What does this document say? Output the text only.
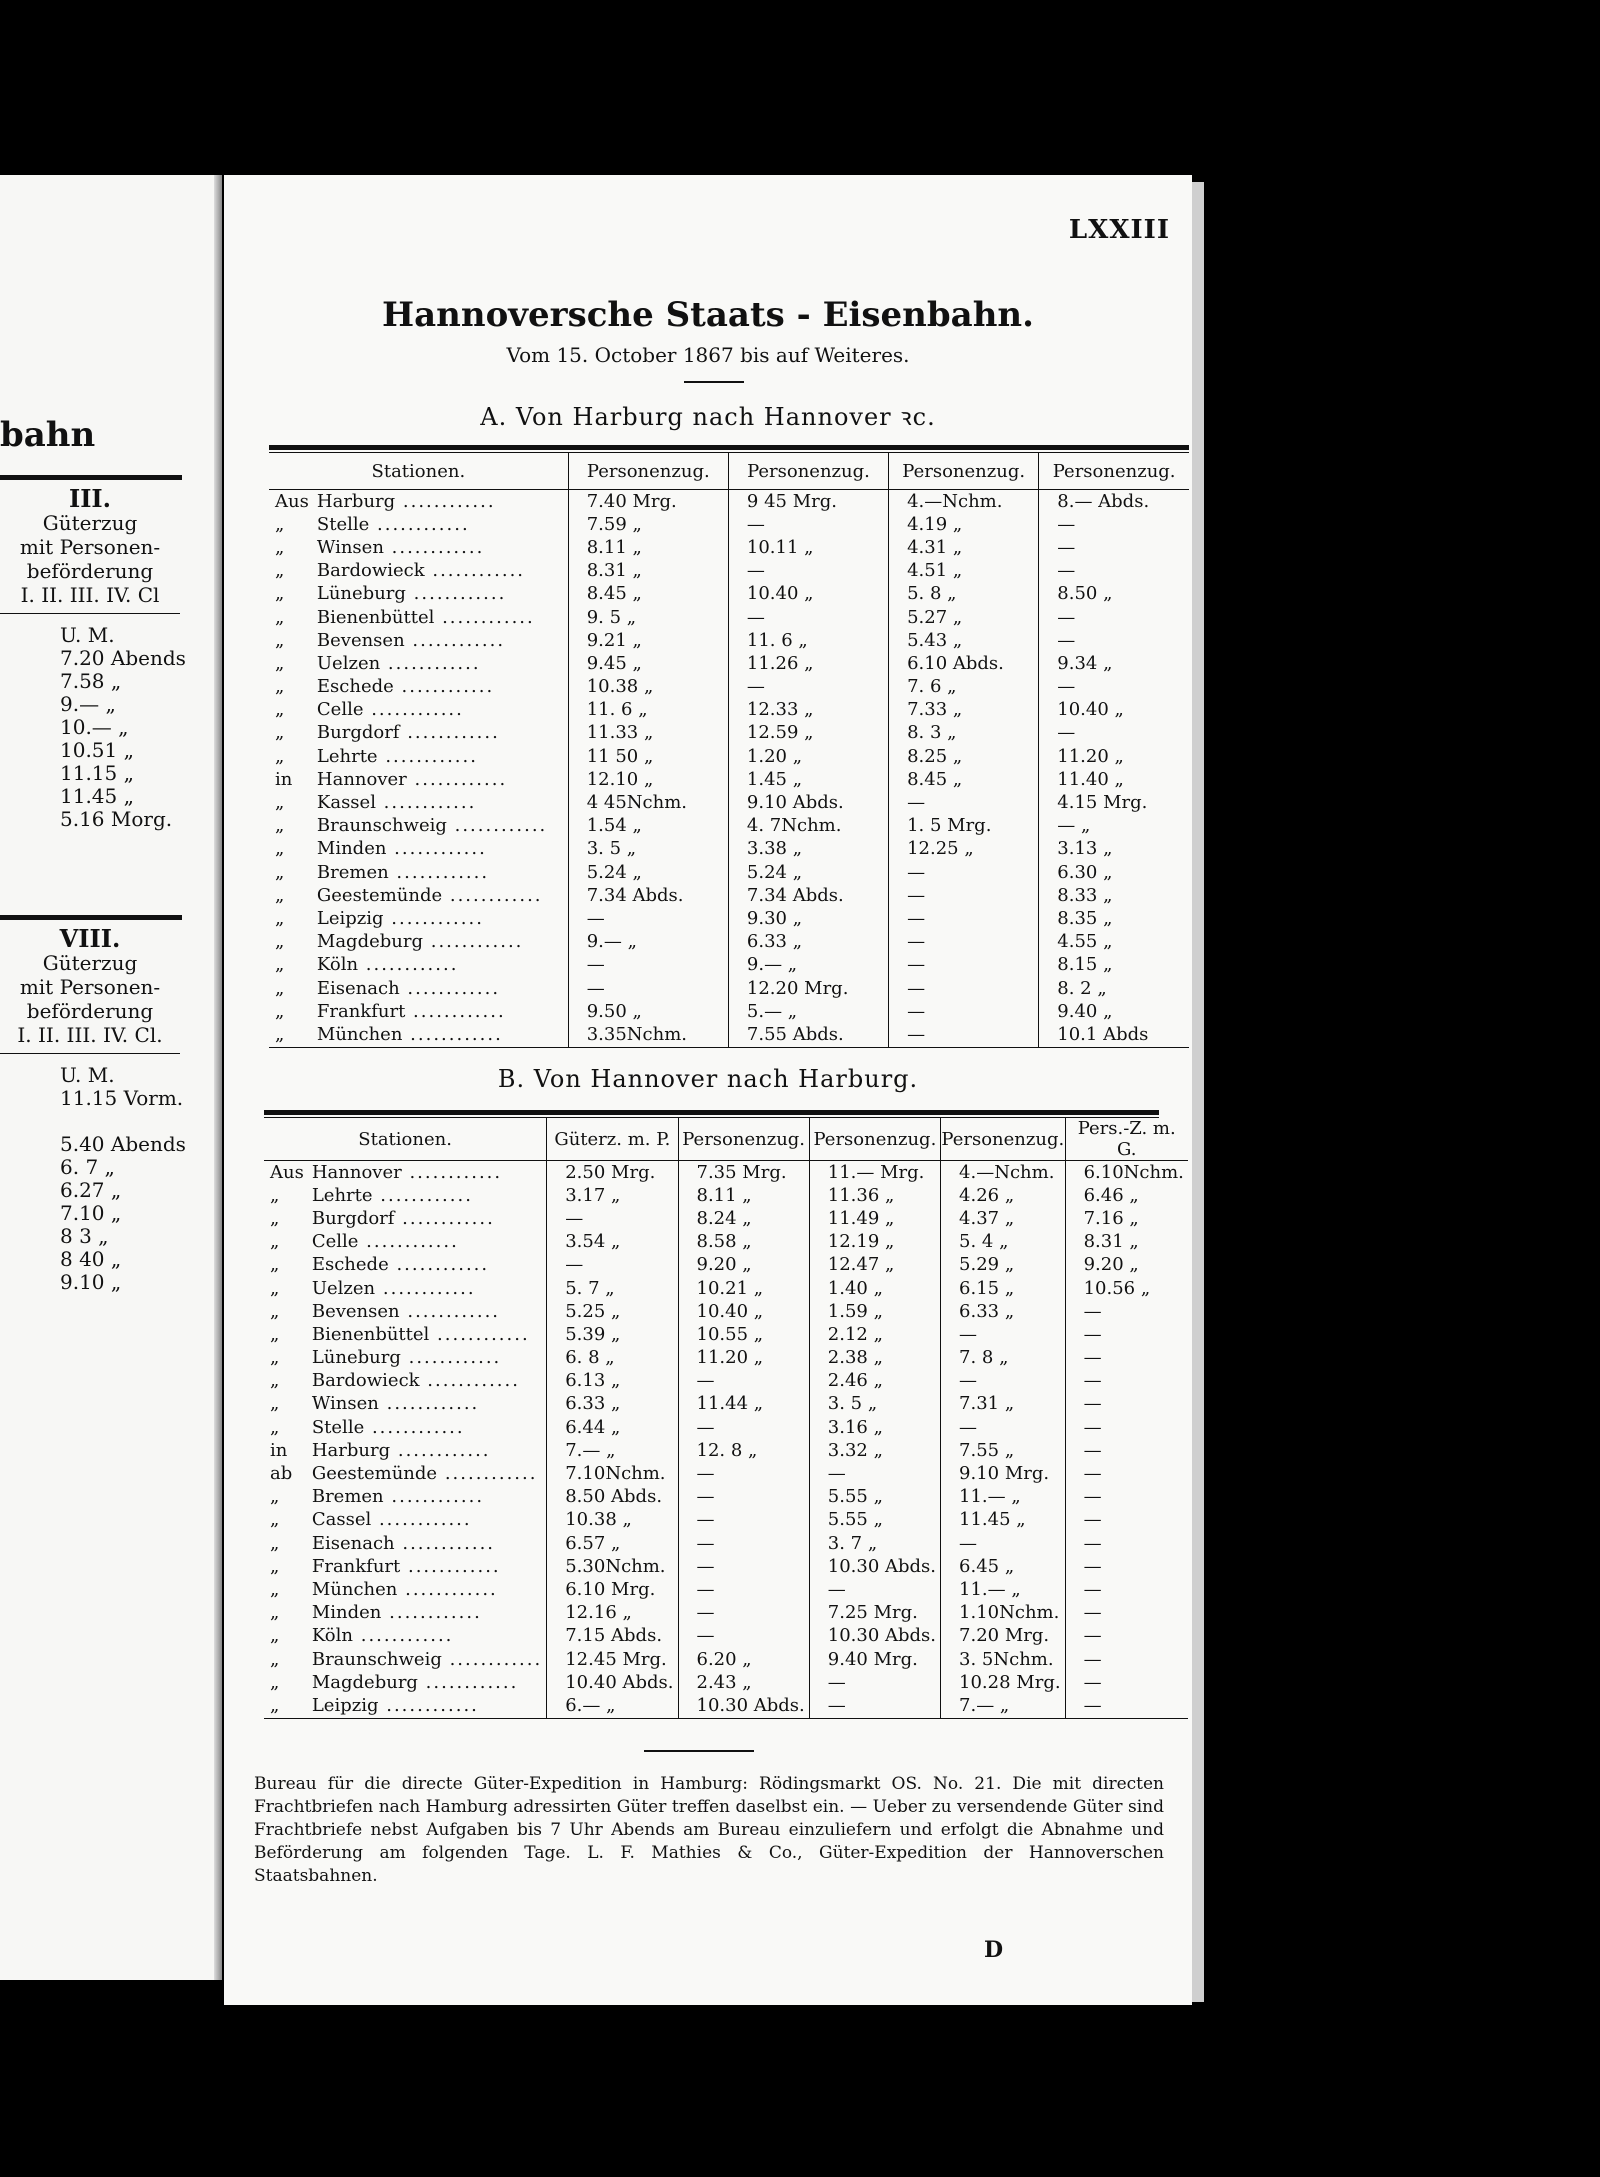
bahn
III.
Güterzug
mit Personen-
beförderung
I. II. III. IV. Cl
U. M.
7.20 Abends
7.58 „
9.— „
10.— „
10.51 „
11.15 „
11.45 „
5.16 Morg.
VIII.
Güterzug
mit Personen-
beförderung
I. II. III. IV. Cl.
U. M.
11.15 Vorm.
5.40 Abends
6. 7 „
6.27 „
7.10 „
8 3 „
8 40 „
9.10 „
LXXIII
Hannoversche Staats - Eisenbahn.
Vom 15. October 1867 bis auf Weiteres.
A. Von Harburg nach Hannover ꝛc.
Stationen.		Personenzug.	Personenzug.	Personenzug.	Personenzug.
Aus	Harburg ............	7.40 Mrg.	9 45 Mrg.	4.—Nchm.	8.— Abds.
„	Stelle ............	7.59 „	—	4.19 „	—
„	Winsen ............	8.11 „	10.11 „	4.31 „	—
„	Bardowieck ............	8.31 „	—	4.51 „	—
„	Lüneburg ............	8.45 „	10.40 „	5. 8 „	8.50 „
„	Bienenbüttel ............	9. 5 „	—	5.27 „	—
„	Bevensen ............	9.21 „	11. 6 „	5.43 „	—
„	Uelzen ............	9.45 „	11.26 „	6.10 Abds.	9.34 „
„	Eschede ............	10.38 „	—	7. 6 „	—
„	Celle ............	11. 6 „	12.33 „	7.33 „	10.40 „
„	Burgdorf ............	11.33 „	12.59 „	8. 3 „	—
„	Lehrte ............	11 50 „	1.20 „	8.25 „	11.20 „
in	Hannover ............	12.10 „	1.45 „	8.45 „	11.40 „
„	Kassel ............	4 45Nchm.	9.10 Abds.	—	4.15 Mrg.
„	Braunschweig ............	1.54 „	4. 7Nchm.	1. 5 Mrg.	— „
„	Minden ............	3. 5 „	3.38 „	12.25 „	3.13 „
„	Bremen ............	5.24 „	5.24 „	—	6.30 „
„	Geestemünde ............	7.34 Abds.	7.34 Abds.	—	8.33 „
„	Leipzig ............	—	9.30 „	—	8.35 „
„	Magdeburg ............	9.— „	6.33 „	—	4.55 „
„	Köln ............	—	9.— „	—	8.15 „
„	Eisenach ............	—	12.20 Mrg.	—	8. 2 „
„	Frankfurt ............	9.50 „	5.— „	—	9.40 „
„	München ............	3.35Nchm.	7.55 Abds.	—	10.1 Abds
B. Von Hannover nach Harburg.
Stationen.		Güterz. m. P.	Personenzug.	Personenzug.	Personenzug.	Pers.-Z. m. G.
Aus	Hannover ............	2.50 Mrg.	7.35 Mrg.	11.— Mrg.	4.—Nchm.	6.10Nchm.
„	Lehrte ............	3.17 „	8.11 „	11.36 „	4.26 „	6.46 „
„	Burgdorf ............	—	8.24 „	11.49 „	4.37 „	7.16 „
„	Celle ............	3.54 „	8.58 „	12.19 „	5. 4 „	8.31 „
„	Eschede ............	—	9.20 „	12.47 „	5.29 „	9.20 „
„	Uelzen ............	5. 7 „	10.21 „	1.40 „	6.15 „	10.56 „
„	Bevensen ............	5.25 „	10.40 „	1.59 „	6.33 „	—
„	Bienenbüttel ............	5.39 „	10.55 „	2.12 „	—	—
„	Lüneburg ............	6. 8 „	11.20 „	2.38 „	7. 8 „	—
„	Bardowieck ............	6.13 „	—	2.46 „	—	—
„	Winsen ............	6.33 „	11.44 „	3. 5 „	7.31 „	—
„	Stelle ............	6.44 „	—	3.16 „	—	—
in	Harburg ............	7.— „	12. 8 „	3.32 „	7.55 „	—
ab	Geestemünde ............	7.10Nchm.	—	—	9.10 Mrg.	—
„	Bremen ............	8.50 Abds.	—	5.55 „	11.— „	—
„	Cassel ............	10.38 „	—	5.55 „	11.45 „	—
„	Eisenach ............	6.57 „	—	3. 7 „	—	—
„	Frankfurt ............	5.30Nchm.	—	10.30 Abds.	6.45 „	—
„	München ............	6.10 Mrg.	—	—	11.— „	—
„	Minden ............	12.16 „	—	7.25 Mrg.	1.10Nchm.	—
„	Köln ............	7.15 Abds.	—	10.30 Abds.	7.20 Mrg.	—
„	Braunschweig ............	12.45 Mrg.	6.20 „	9.40 Mrg.	3. 5Nchm.	—
„	Magdeburg ............	10.40 Abds.	2.43 „	—	10.28 Mrg.	—
„	Leipzig ............	6.— „	10.30 Abds.	—	7.— „	—
Bureau für die directe Güter-Expedition in Hamburg: Rödingsmarkt OS. No. 21. Die mit directen Frachtbriefen nach Hamburg adressirten Güter treffen daselbst ein. — Ueber zu versendende Güter sind Frachtbriefe nebst Aufgaben bis 7 Uhr Abends am Bureau einzuliefern und erfolgt die Abnahme und Beförderung am folgenden Tage. L. F. Mathies & Co., Güter-Expedition der Hannoverschen Staatsbahnen.
D
